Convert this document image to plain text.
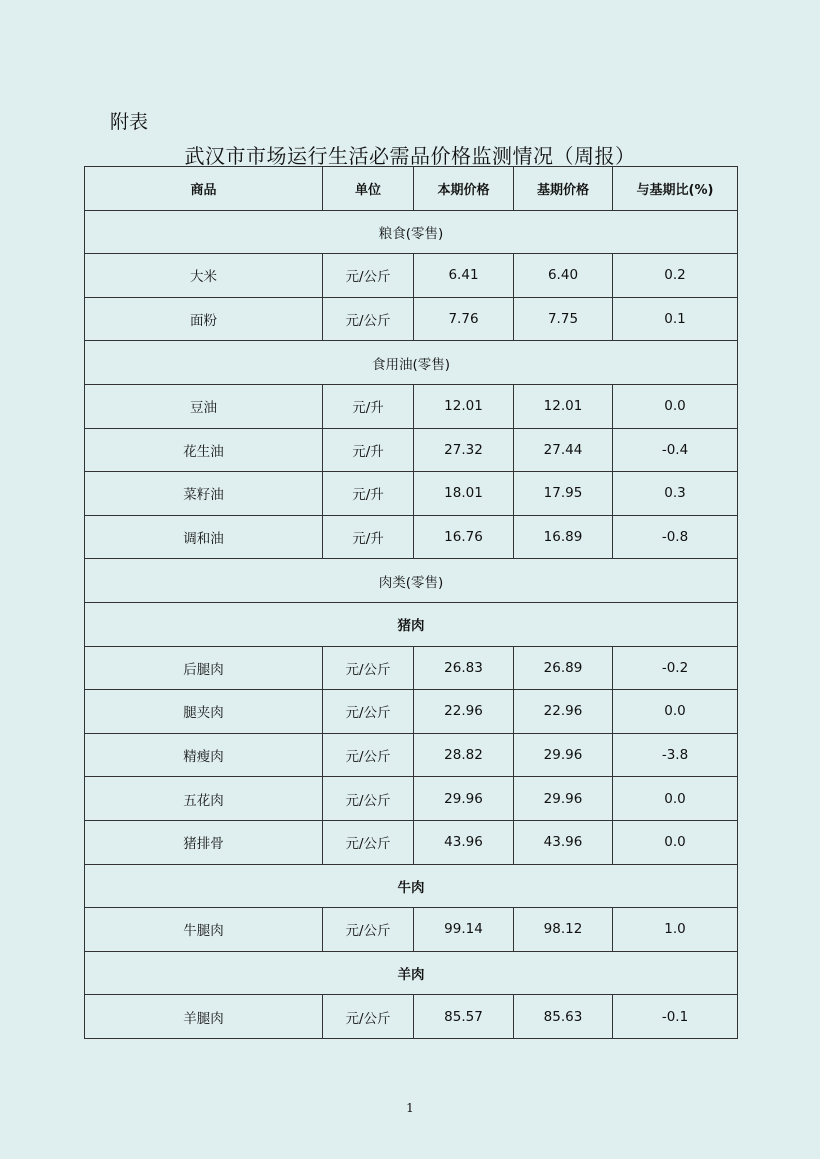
附表
武汉市市场运行生活必需品价格监测情况（周报）
商品	单位	本期价格	基期价格	与基期比(%)
粮食(零售)				
大米	元/公斤	6.41	6.40	0.2
面粉	元/公斤	7.76	7.75	0.1
食用油(零售)				
豆油	元/升	12.01	12.01	0.0
花生油	元/升	27.32	27.44	-0.4
菜籽油	元/升	18.01	17.95	0.3
调和油	元/升	16.76	16.89	-0.8
肉类(零售)				
猪肉				
后腿肉	元/公斤	26.83	26.89	-0.2
腿夹肉	元/公斤	22.96	22.96	0.0
精瘦肉	元/公斤	28.82	29.96	-3.8
五花肉	元/公斤	29.96	29.96	0.0
猪排骨	元/公斤	43.96	43.96	0.0
牛肉				
牛腿肉	元/公斤	99.14	98.12	1.0
羊肉				
羊腿肉	元/公斤	85.57	85.63	-0.1
1
